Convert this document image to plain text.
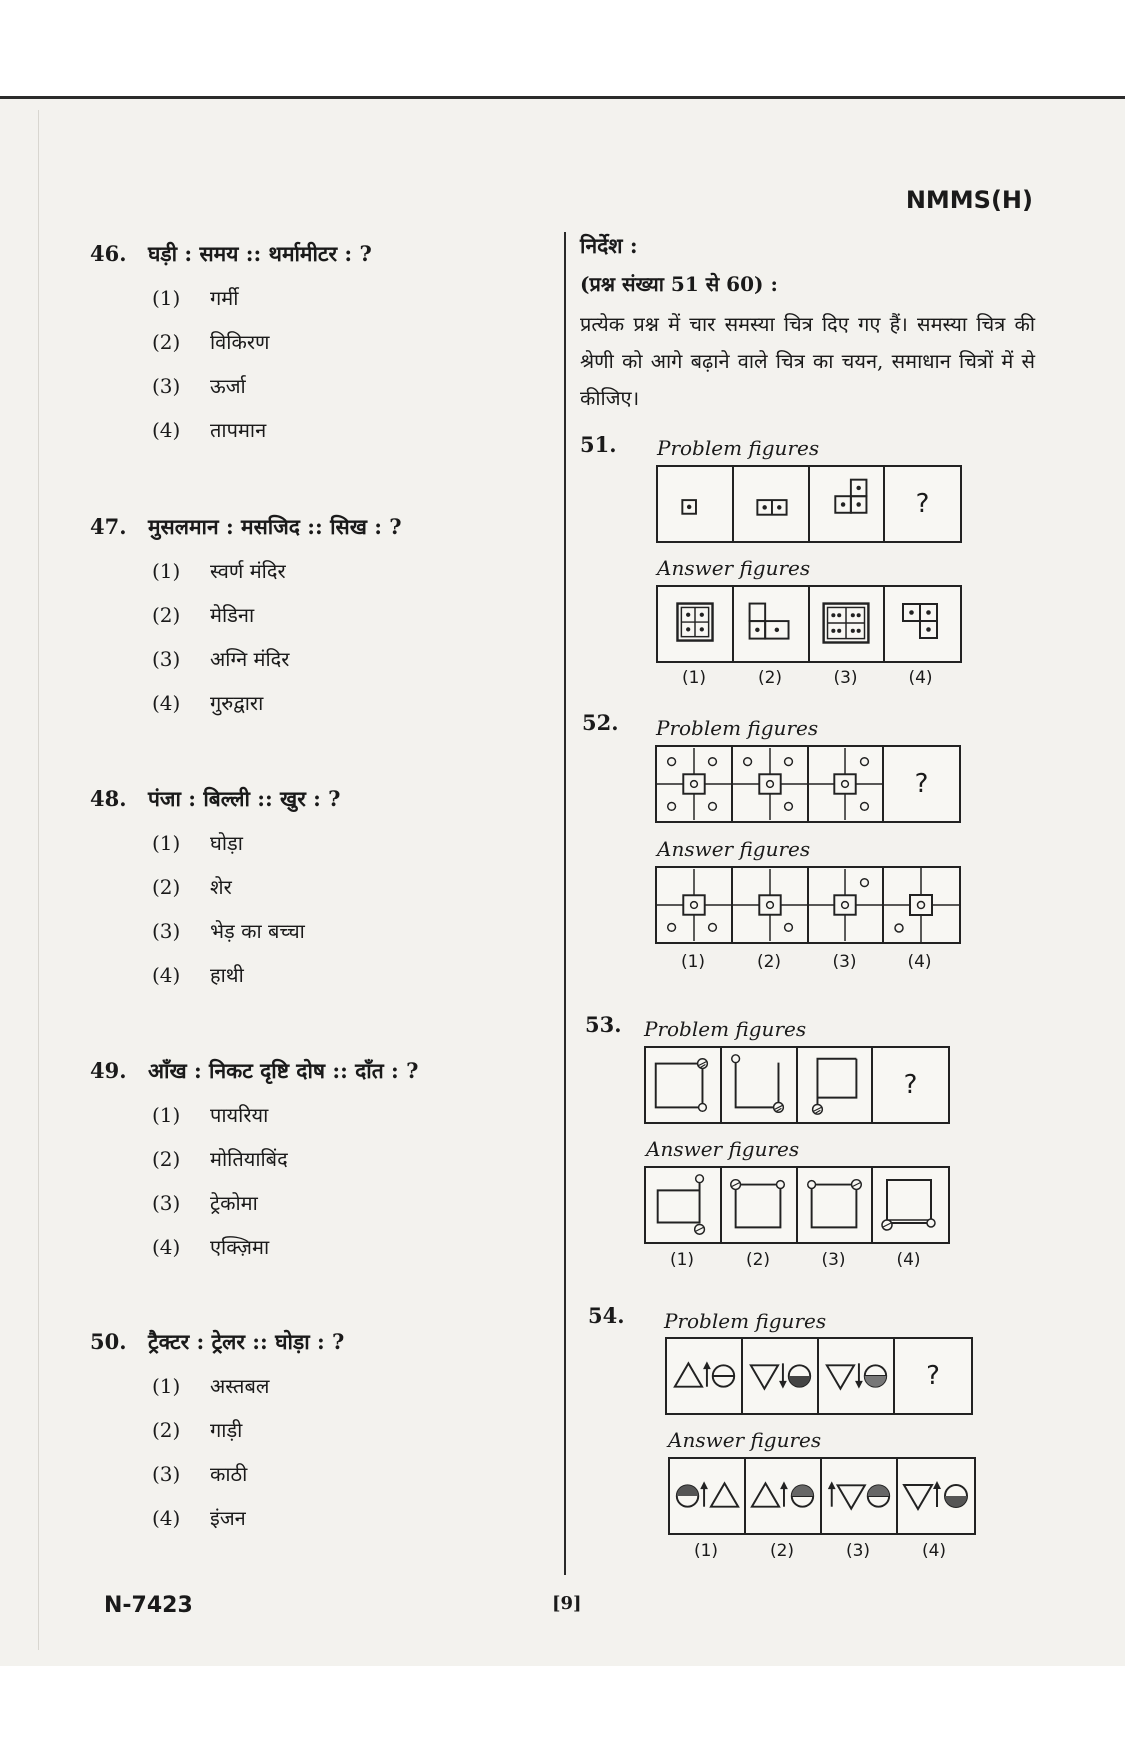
NMMS(H)
46. घड़ी : समय :: थर्मामीटर : ?
(1) गर्मी
(2) विकिरण
(3) ऊर्जा
(4) तापमान
47. मुसलमान : मसजिद :: सिख : ?
(1) स्वर्ण मंदिर
(2) मेडिना
(3) अग्नि मंदिर
(4) गुरुद्वारा
48. पंजा : बिल्ली :: खुर : ?
(1) घोड़ा
(2) शेर
(3) भेड़ का बच्चा
(4) हाथी
49. आँख : निकट दृष्टि दोष :: दाँत : ?
(1) पायरिया
(2) मोतियाबिंद
(3) ट्रेकोमा
(4) एक्ज़िमा
50. ट्रैक्टर : ट्रेलर :: घोड़ा : ?
(1) अस्तबल
(2) गाड़ी
(3) काठी
(4) इंजन
निर्देश :
(प्रश्न संख्या 51 से 60) :
प्रत्येक प्रश्न में चार समस्या चित्र दिए गए हैं। समस्या चित्र की श्रेणी को आगे बढ़ाने वाले चित्र का चयन, समाधान चित्रों में से कीजिए।
51. Problem figures
?
Answer figures
(1)	(2)	(3)	(4)
52. Problem figures
?
Answer figures
(1)	(2)	(3)	(4)
53. Problem figures
?
Answer figures
(1)	(2)	(3)	(4)
54. Problem figures
?
Answer figures
(1)	(2)	(3)	(4)
N-7423	[9]
